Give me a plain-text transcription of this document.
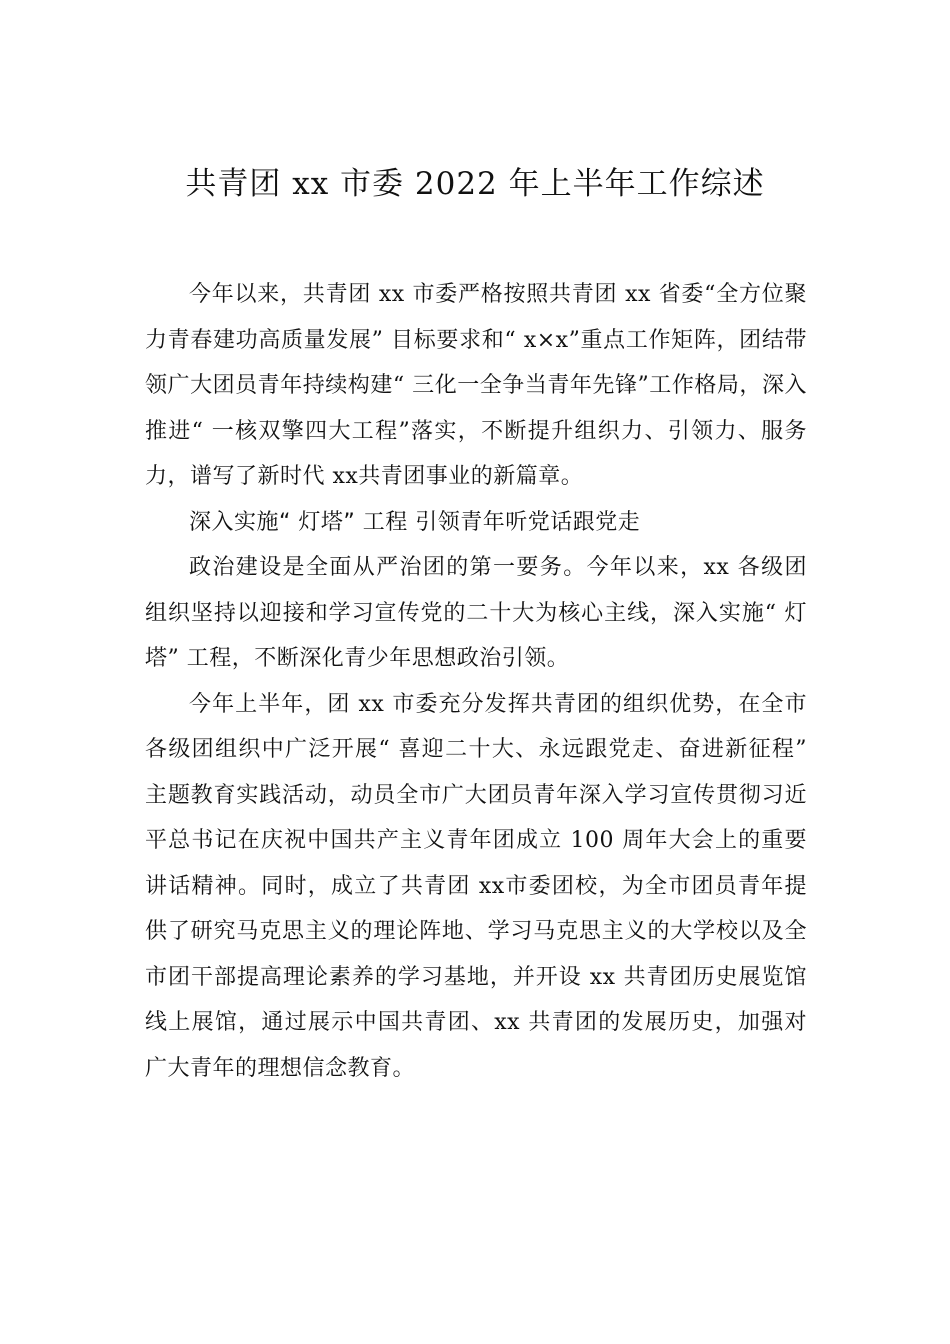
共青团 xx 市委 2022 年上半年工作综述

今年以来，共青团 xx 市委严格按照共青团 xx 省委“全方位聚力青春建功高质量发展” 目标要求和“ x×x”重点工作矩阵，团结带领广大团员青年持续构建“ 三化一全争当青年先锋”工作格局，深入推进“ 一核双擎四大工程”落实，不断提升组织力、引领力、服务力，谱写了新时代 xx共青团事业的新篇章。

深入实施“ 灯塔” 工程 引领青年听党话跟党走

政治建设是全面从严治团的第一要务。今年以来，xx 各级团组织坚持以迎接和学习宣传党的二十大为核心主线，深入实施“ 灯塔” 工程，不断深化青少年思想政治引领。

今年上半年，团 xx 市委充分发挥共青团的组织优势，在全市各级团组织中广泛开展“ 喜迎二十大、永远跟党走、奋进新征程” 主题教育实践活动，动员全市广大团员青年深入学习宣传贯彻习近平总书记在庆祝中国共产主义青年团成立 100 周年大会上的重要讲话精神。同时，成立了共青团 xx市委团校，为全市团员青年提供了研究马克思主义的理论阵地、学习马克思主义的大学校以及全市团干部提高理论素养的学习基地，并开设 xx 共青团历史展览馆线上展馆，通过展示中国共青团、xx 共青团的发展历史，加强对广大青年的理想信念教育。
